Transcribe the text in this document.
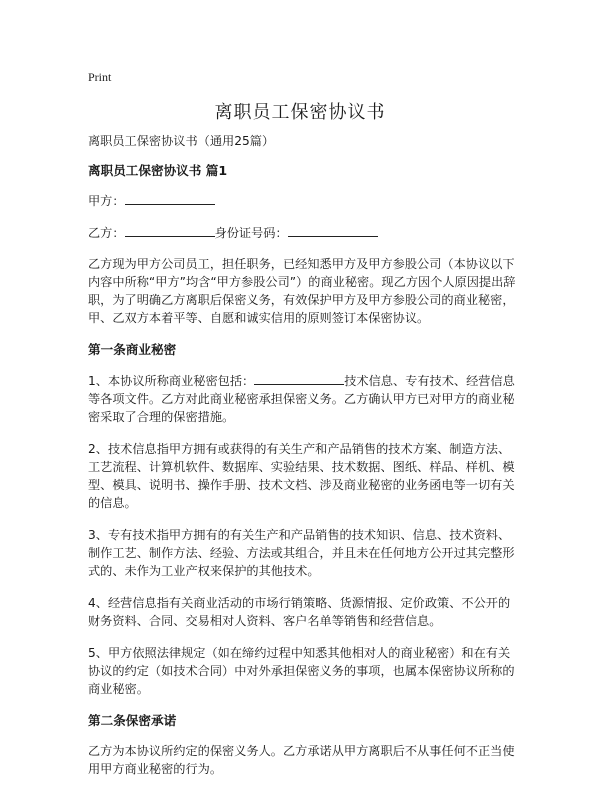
Print
离职员工保密协议书

离职员工保密协议书（通用25篇）

离职员工保密协议书 篇1

甲方：

乙方：	身份证号码：

乙方现为甲方公司员工，担任职务，已经知悉甲方及甲方参股公司（本协议以下内容中所称“甲方”均含“甲方参股公司”）的商业秘密。现乙方因个人原因提出辞职，为了明确乙方离职后保密义务，有效保护甲方及甲方参股公司的商业秘密，甲、乙双方本着平等、自愿和诚实信用的原则签订本保密协议。

第一条商业秘密

1、本协议所称商业秘密包括：	技术信息、专有技术、经营信息等各项文件。乙方对此商业秘密承担保密义务。乙方确认甲方已对甲方的商业秘密采取了合理的保密措施。

2、技术信息指甲方拥有或获得的有关生产和产品销售的技术方案、制造方法、工艺流程、计算机软件、数据库、实验结果、技术数据、图纸、样品、样机、模型、模具、说明书、操作手册、技术文档、涉及商业秘密的业务函电等一切有关的信息。

3、专有技术指甲方拥有的有关生产和产品销售的技术知识、信息、技术资料、制作工艺、制作方法、经验、方法或其组合，并且未在任何地方公开过其完整形式的、未作为工业产权来保护的其他技术。

4、经营信息指有关商业活动的市场行销策略、货源情报、定价政策、不公开的财务资料、合同、交易相对人资料、客户名单等销售和经营信息。

5、甲方依照法律规定（如在缔约过程中知悉其他相对人的商业秘密）和在有关协议的约定（如技术合同）中对外承担保密义务的事项，也属本保密协议所称的商业秘密。

第二条保密承诺

乙方为本协议所约定的保密义务人。乙方承诺从甲方离职后不从事任何不正当使用甲方商业秘密的行为。
